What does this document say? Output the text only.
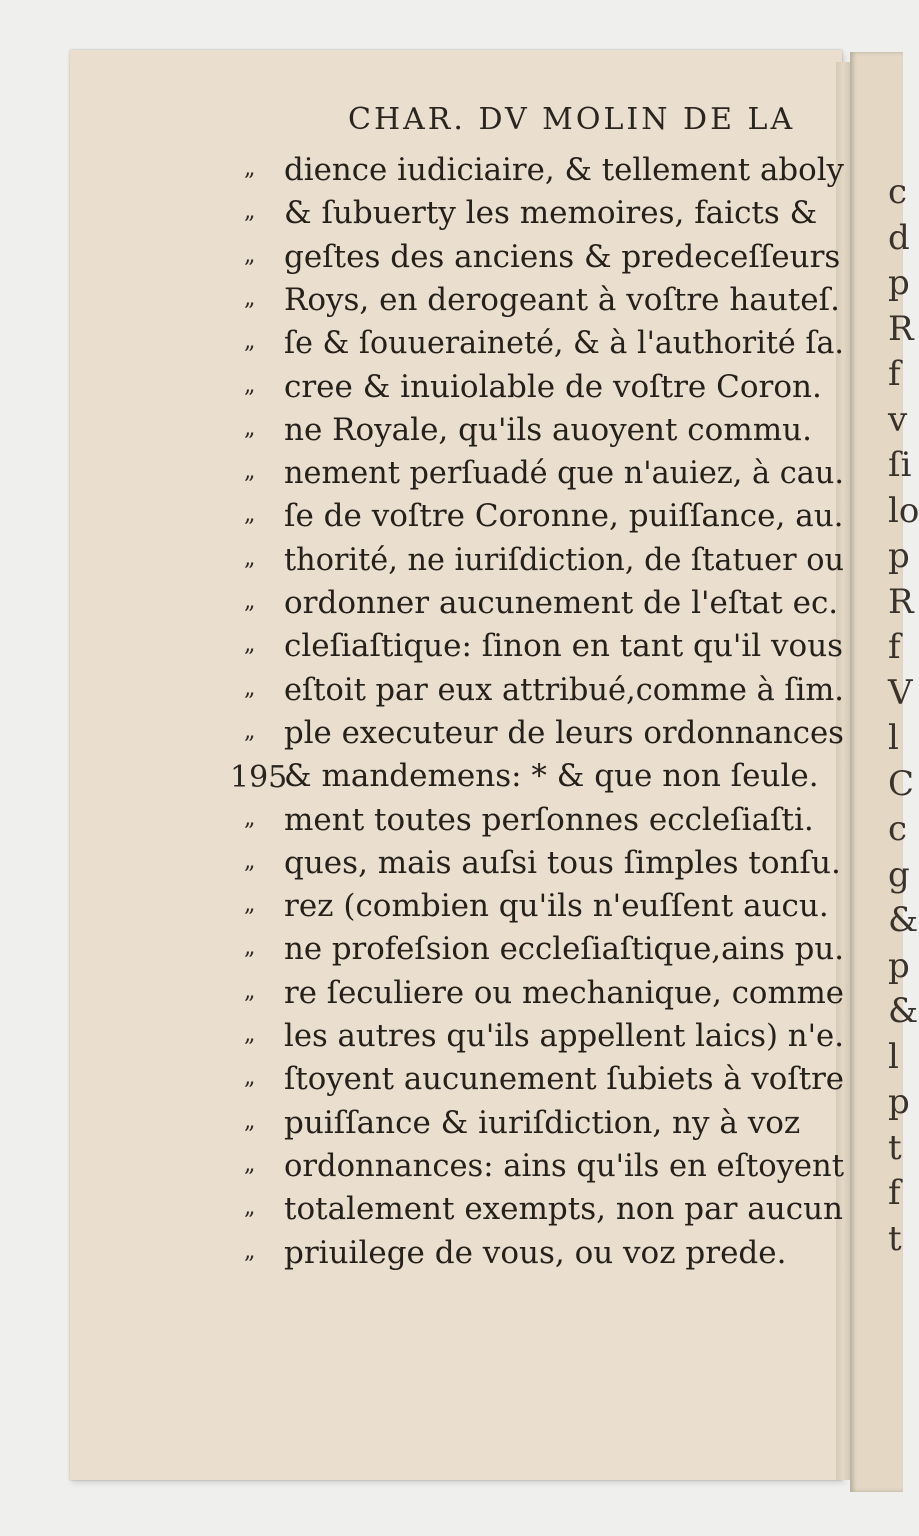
c
d
p
R
f
v
ſi
lo
p
R
f
V
l
C
c
g
&
p
&
l
p
t
f
t
CHAR. DV MOLIN DE LA
„ dience iudiciaire, & tellement aboly
„ & ſubuerty les memoires, faicts &
„ geſtes des anciens & predeceſſeurs
„ Roys, en derogeant à voſtre hauteſ.
„ ſe & ſouueraineté, & à l'authorité ſa.
„ cree & inuiolable de voſtre Coron.
„ ne Royale, qu'ils auoyent commu.
„ nement perſuadé que n'auiez, à cau.
„ ſe de voſtre Coronne, puiſſance, au.
„ thorité, ne iuriſdiction, de ſtatuer ou
„ ordonner aucunement de l'eſtat ec.
„ cleſiaſtique: ſinon en tant qu'il vous
„ eſtoit par eux attribué,comme à ſim.
„ ple executeur de leurs ordonnances
195
& mandemens: * & que non ſeule.
„ ment toutes perſonnes eccleſiaſti.
„ ques, mais auſsi tous ſimples tonſu.
„ rez (combien qu'ils n'euſſent aucu.
„ ne profeſsion eccleſiaſtique,ains pu.
„ re ſeculiere ou mechanique, comme
„ les autres qu'ils appellent laics) n'e.
„ ſtoyent aucunement ſubiets à voſtre
„ puiſſance & iuriſdiction, ny à voz
„ ordonnances: ains qu'ils en eſtoyent
„ totalement exempts, non par aucun
„ priuilege de vous, ou voz prede.
